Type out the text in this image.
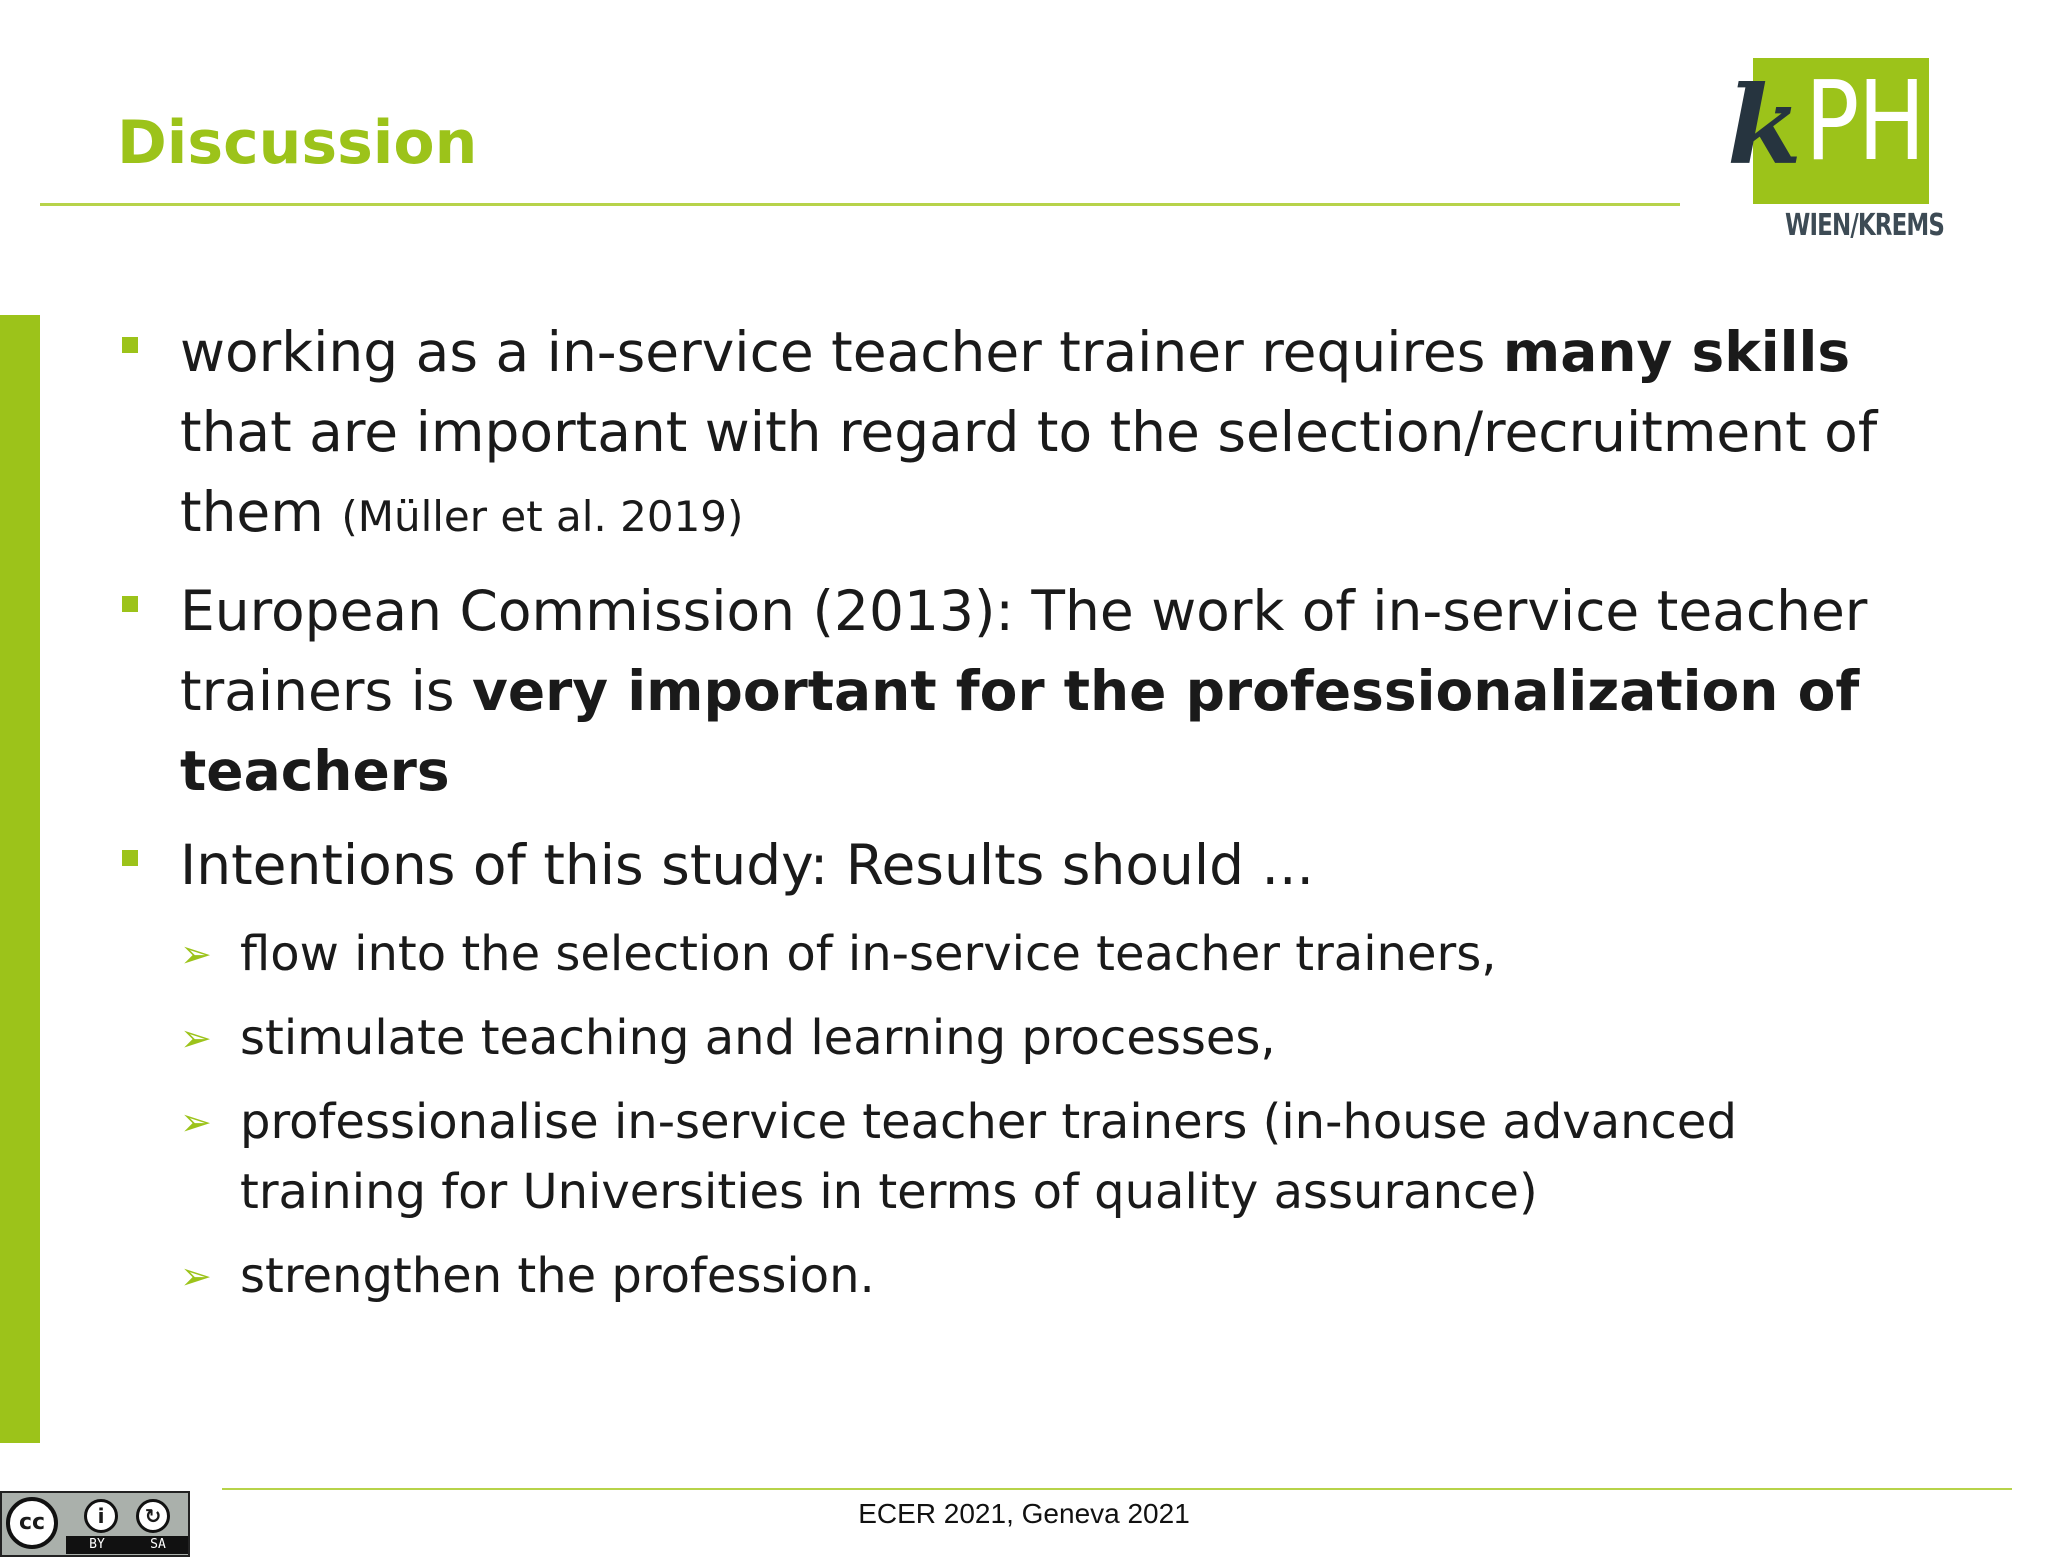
Discussion	PH
k
WIEN/KREMS
working as a in-service teacher trainer requires many skills that are important with regard to the selection/recruitment of them (Müller et al. 2019)
European Commission (2013): The work of in-service teacher trainers is very important for the professionalization of teachers
Intentions of this study: Results should ...
➢ flow into the selection of in-service teacher trainers,
➢ stimulate teaching and learning processes,
➢ professionalise in-service teacher trainers (in-house advanced training for Universities in terms of quality assurance)
➢ strengthen the profession.
cc	i	↻
BY	SA
ECER 2021, Geneva 2021
